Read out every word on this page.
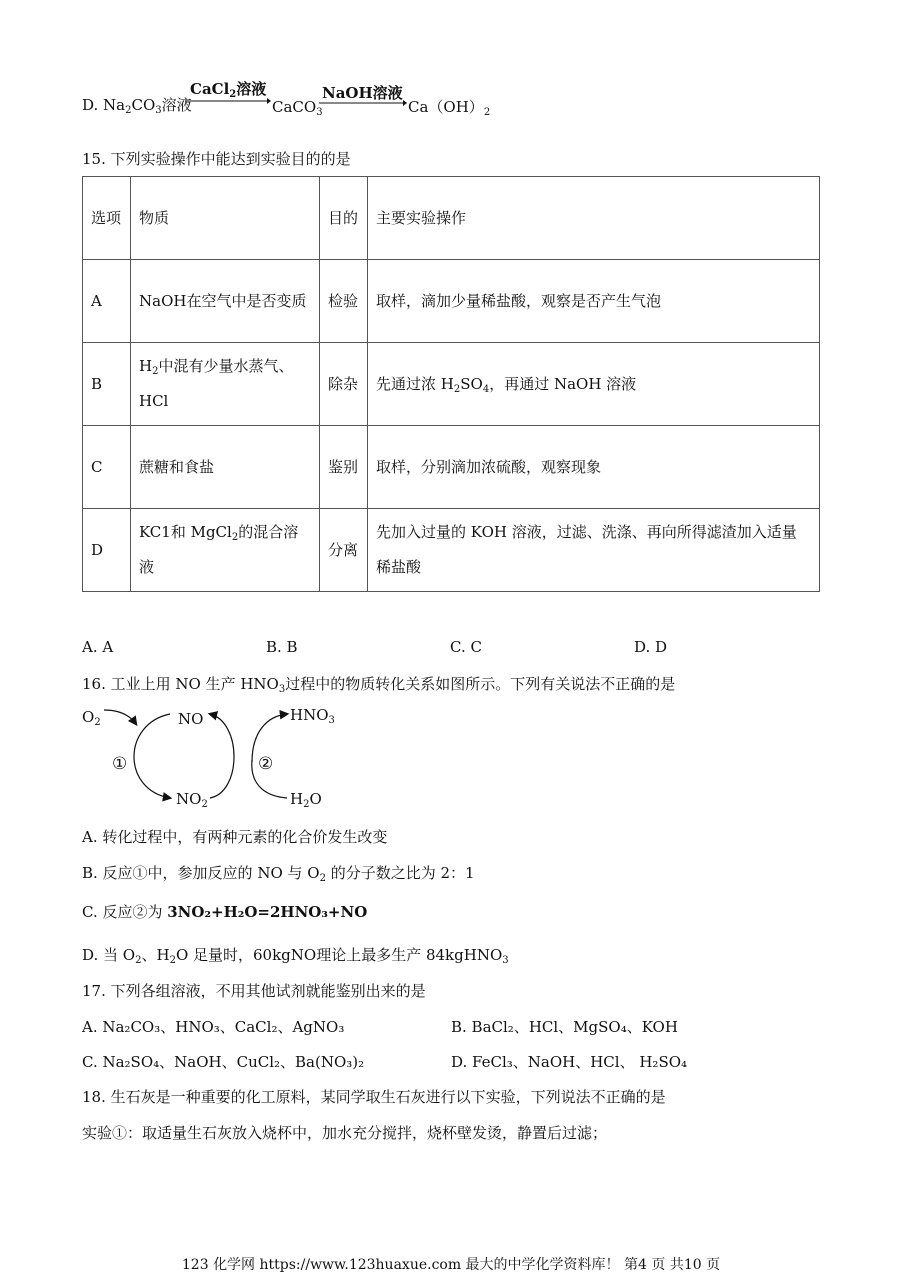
D. $Na_2CO_3$溶液
CaCl$_2$溶液
CaCO$_3$
NaOH溶液
$Ca(OH)_2$
15. 下列实验操作中能达到实验目的的是
选项	物质	目的	主要实验操作
A	NaOH在空气中是否变质	检验	取样，滴加少量稀盐酸，观察是否产生气泡
B	$H_2$中混有少量水蒸气、HCl	除杂	先通过浓 $H_2SO_4$，再通过 NaOH 溶液
C	蔗糖和食盐	鉴别	取样，分别滴加浓硫酸，观察现象
D	KC1和 MgCl$_2$的混合溶液	分离	先加入过量的 KOH 溶液，过滤、洗涤、再向所得滤渣加入适量稀盐酸
A. A	B. B	C. C	D. D
16. 工业上用 NO 生产 $HNO_3$过程中的物质转化关系如图所示。下列有关说法不正确的是
$O_2$	NO	$HNO_3$
①	②
$NO_2$	$H_2O$
A. 转化过程中，有两种元素的化合价发生改变
B. 反应①中，参加反应的 NO 与 $O_2$ 的分子数之比为 2：1
C. 反应②为 3NO₂+H₂O=2HNO₃+NO
D. 当 $O_2$、$H_2O$ 足量时，60kgNO理论上最多生产 84kgHNO$_3$
17. 下列各组溶液，不用其他试剂就能鉴别出来的是
A. Na₂CO₃、HNO₃、CaCl₂、AgNO₃	B. BaCl₂、HCl、MgSO₄、KOH
C. Na₂SO₄、NaOH、CuCl₂、Ba(NO₃)₂	D. FeCl₃、NaOH、HCl、 H₂SO₄
18. 生石灰是一种重要的化工原料，某同学取生石灰进行以下实验，下列说法不正确的是
实验①：取适量生石灰放入烧杯中，加水充分搅拌，烧杯壁发烫，静置后过滤；
123 化学网 https://www.123huaxue.com 最大的中学化学资料库！ 第4 页 共10 页
